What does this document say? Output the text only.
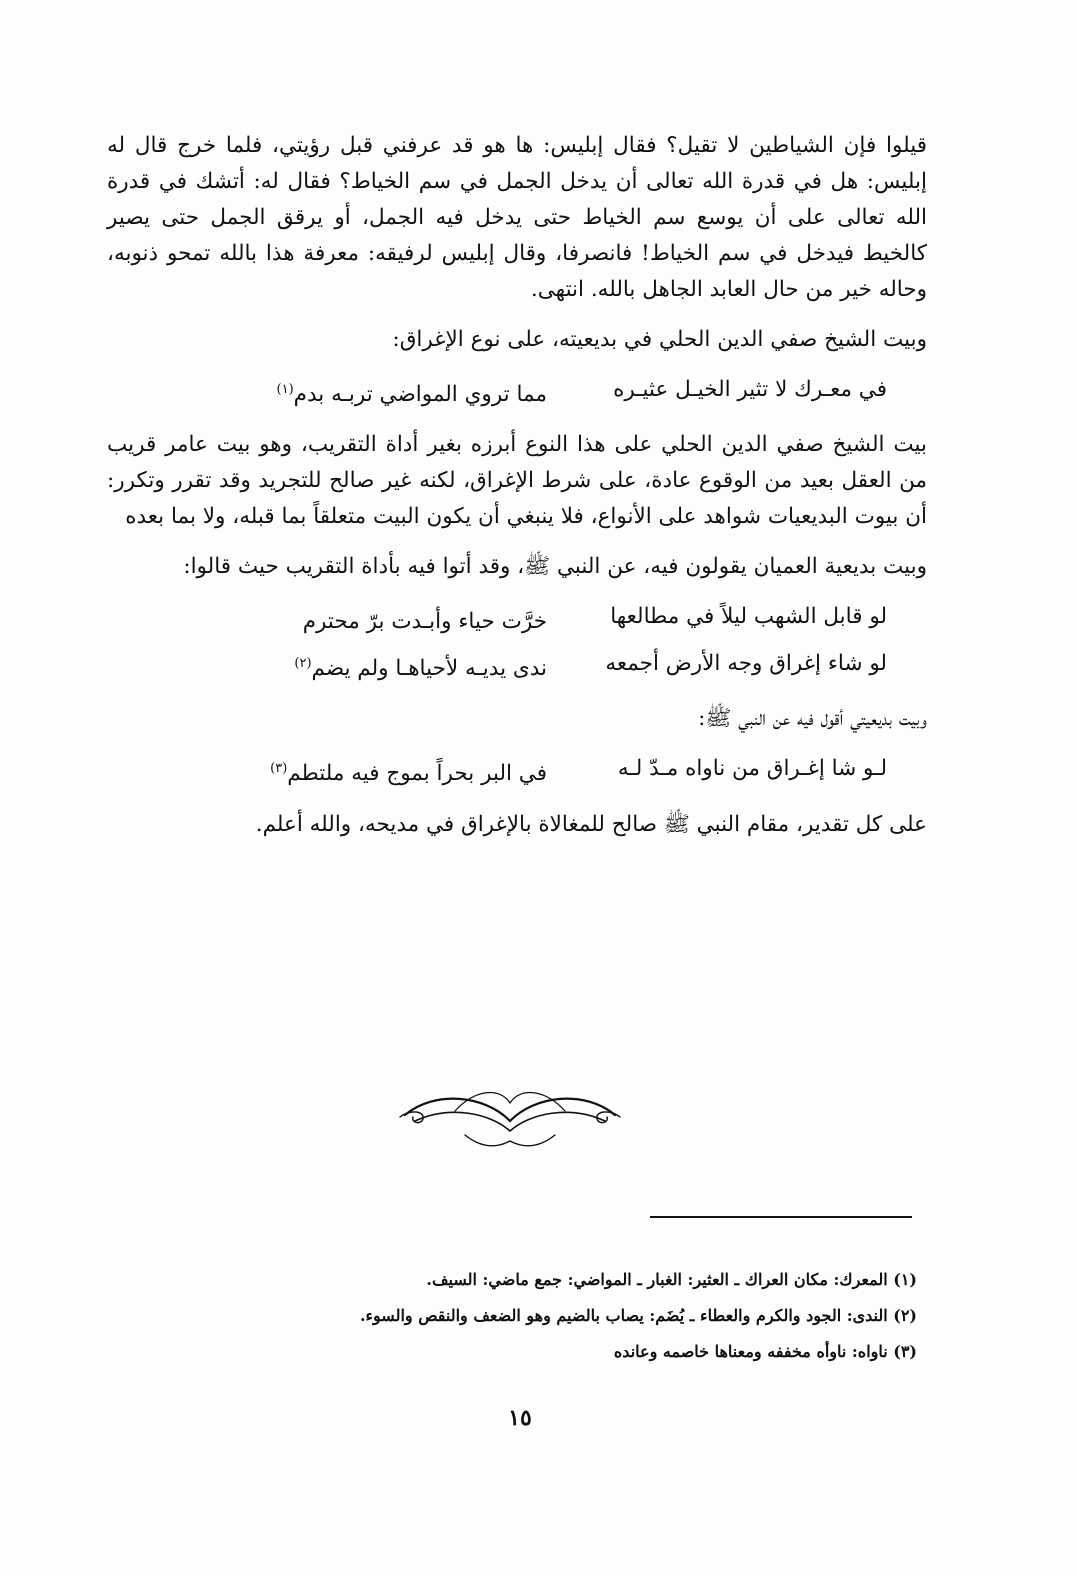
قيلوا فإن الشياطين لا تقيل؟ فقال إبليس: ها هو قد عرفني قبل رؤيتي، فلما خرج قال له إبليس: هل في قدرة الله تعالى أن يدخل الجمل في سم الخياط؟ فقال له: أتشك في قدرة الله تعالى على أن يوسع سم الخياط حتى يدخل فيه الجمل، أو يرقق الجمل حتى يصير كالخيط فيدخل في سم الخياط! فانصرفا، وقال إبليس لرفيقه: معرفة هذا بالله تمحو ذنوبه، وحاله خير من حال العابد الجاهل بالله. انتهى.

وبيت الشيخ صفي الدين الحلي في بديعيته، على نوع الإغراق:

في معـرك لا تثير الخيـل عثيـره
مما تروي المواضي تربـه بدم$^{(١)}$

بيت الشيخ صفي الدين الحلي على هذا النوع أبرزه بغير أداة التقريب، وهو بيت عامر قريب من العقل بعيد من الوقوع عادة، على شرط الإغراق، لكنه غير صالح للتجريد وقد تقرر وتكرر: أن بيوت البديعيات شواهد على الأنواع، فلا ينبغي أن يكون البيت متعلقاً بما قبله، ولا بما بعده

وبيت بديعية العميان يقولون فيه، عن النبي ﷺ، وقد أتوا فيه بأداة التقريب حيث قالوا:

لو قابل الشهب ليلاً في مطالعها
خرَّت حياء وأبـدت برّ محترم
لو شاء إغراق وجه الأرض أجمعه
ندى يديـه لأحياهـا ولم يضم$^{(٢)}$

وبيت بديعيتي أقول فيه عن النبي ﷺ:

لـو شا إغـراق من ناواه مـدّ لـه
في البر بحراً بموج فيه ملتطم$^{(٣)}$

على كل تقدير، مقام النبي ﷺ صالح للمغالاة بالإغراق في مديحه، والله أعلم.

(١) المعرك: مكان العراك ـ العثير: الغبار ـ المواضي: جمع ماضي: السيف.

(٢) الندى: الجود والكرم والعطاء ـ يُضَم: يصاب بالضيم وهو الضعف والنقص والسوء.

(٣) ناواه: ناوأه مخففه ومعناها خاصمه وعانده

١٥
